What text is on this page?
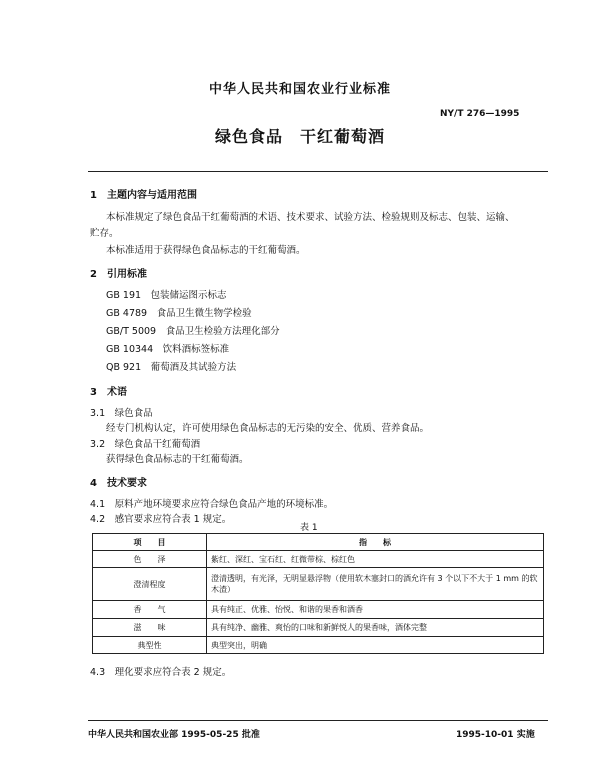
中华人民共和国农业行业标准
NY/T 276—1995
绿色食品　干红葡萄酒
1　主题内容与适用范围
本标准规定了绿色食品干红葡萄酒的术语、技术要求、试验方法、检验规则及标志、包装、运输、
贮存。
本标准适用于获得绿色食品标志的干红葡萄酒。
2　引用标准
GB 191　包装储运图示标志
GB 4789　食品卫生微生物学检验
GB/T 5009　食品卫生检验方法理化部分
GB 10344　饮料酒标签标准
QB 921　葡萄酒及其试验方法
3　术语
3.1　绿色食品
经专门机构认定，许可使用绿色食品标志的无污染的安全、优质、营养食品。
3.2　绿色食品干红葡萄酒
获得绿色食品标志的干红葡萄酒。
4　技术要求
4.1　原料产地环境要求应符合绿色食品产地的环境标准。
4.2　感官要求应符合表 1 规定。
表 1
项　　目	指　　标
色　　泽	紫红、深红、宝石红、红微带棕、棕红色
澄清程度	澄清透明，有光泽，无明显悬浮物（使用软木塞封口的酒允许有 3 个以下不大于 1 mm 的软
木渣）

香　　气	具有纯正、优雅、怡悦、和谐的果香和酒香
滋　　味	具有纯净、幽雅、爽怡的口味和新鲜悦人的果香味，酒体完整
典型性	典型突出，明确
4.3　理化要求应符合表 2 规定。
中华人民共和国农业部 1995-05-25 批准	1995-10-01 实施
